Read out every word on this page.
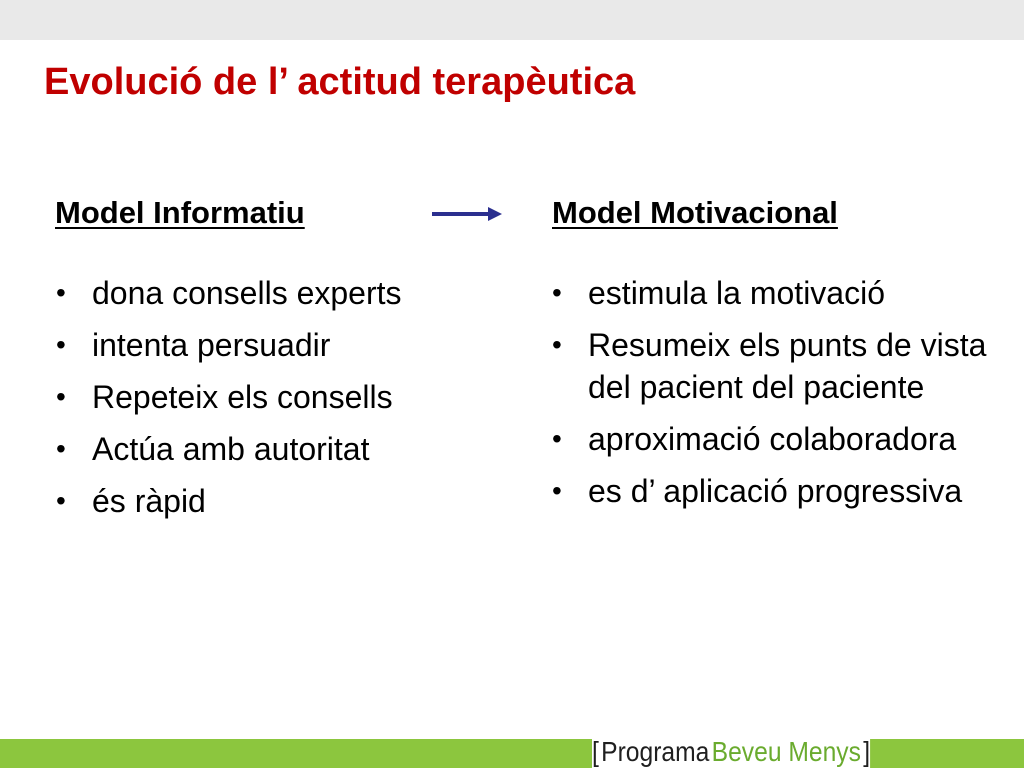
Evolució de l’ actitud terapèutica
Model Informatiu	Model Motivacional
• dona consells experts
• intenta persuadir
• Repeteix els consells
• Actúa amb autoritat
• és ràpid
• estimula la motivació
• Resumeix els punts de vista del pacient del paciente
• aproximació colaboradora
• es d’ aplicació progressiva
[ Programa Beveu Menys ]
